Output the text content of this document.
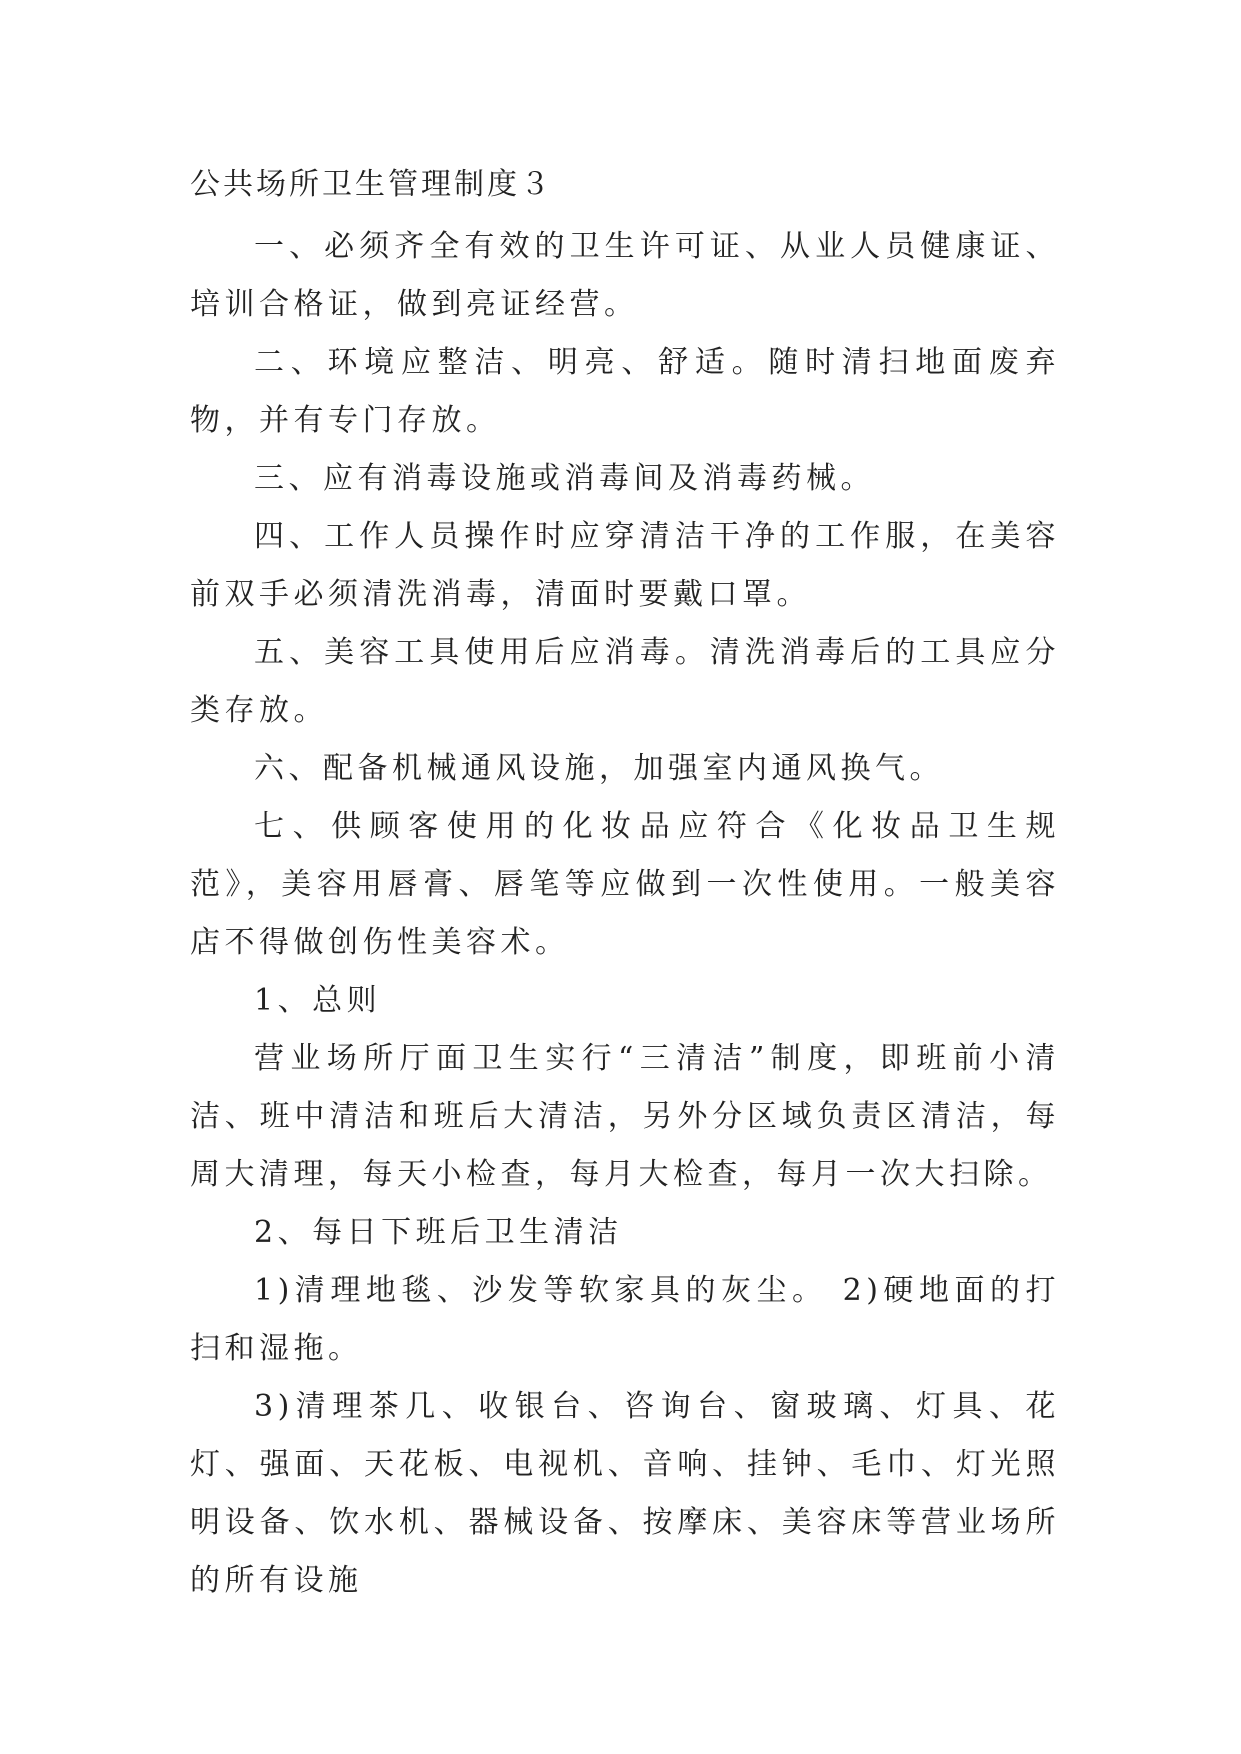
公共场所卫生管理制度３

一、必须齐全有效的卫生许可证、从业人员健康证、培训合格证，做到亮证经营。

二、环境应整洁、明亮、舒适。随时清扫地面废弃物，并有专门存放。

三、应有消毒设施或消毒间及消毒药械。

四、工作人员操作时应穿清洁干净的工作服，在美容前双手必须清洗消毒，清面时要戴口罩。

五、美容工具使用后应消毒。清洗消毒后的工具应分类存放。

六、配备机械通风设施，加强室内通风换气。

七、供顾客使用的化妆品应符合《化妆品卫生规范》，美容用唇膏、唇笔等应做到一次性使用。一般美容店不得做创伤性美容术。

1、总则

营业场所厅面卫生实行“三清洁”制度，即班前小清洁、班中清洁和班后大清洁，另外分区域负责区清洁，每周大清理，每天小检查，每月大检查，每月一次大扫除。

2、每日下班后卫生清洁

1)清理地毯、沙发等软家具的灰尘。 2)硬地面的打扫和湿拖。

3)清理茶几、收银台、咨询台、窗玻璃、灯具、花灯、强面、天花板、电视机、音响、挂钟、毛巾、灯光照明设备、饮水机、器械设备、按摩床、美容床等营业场所的所有设施
